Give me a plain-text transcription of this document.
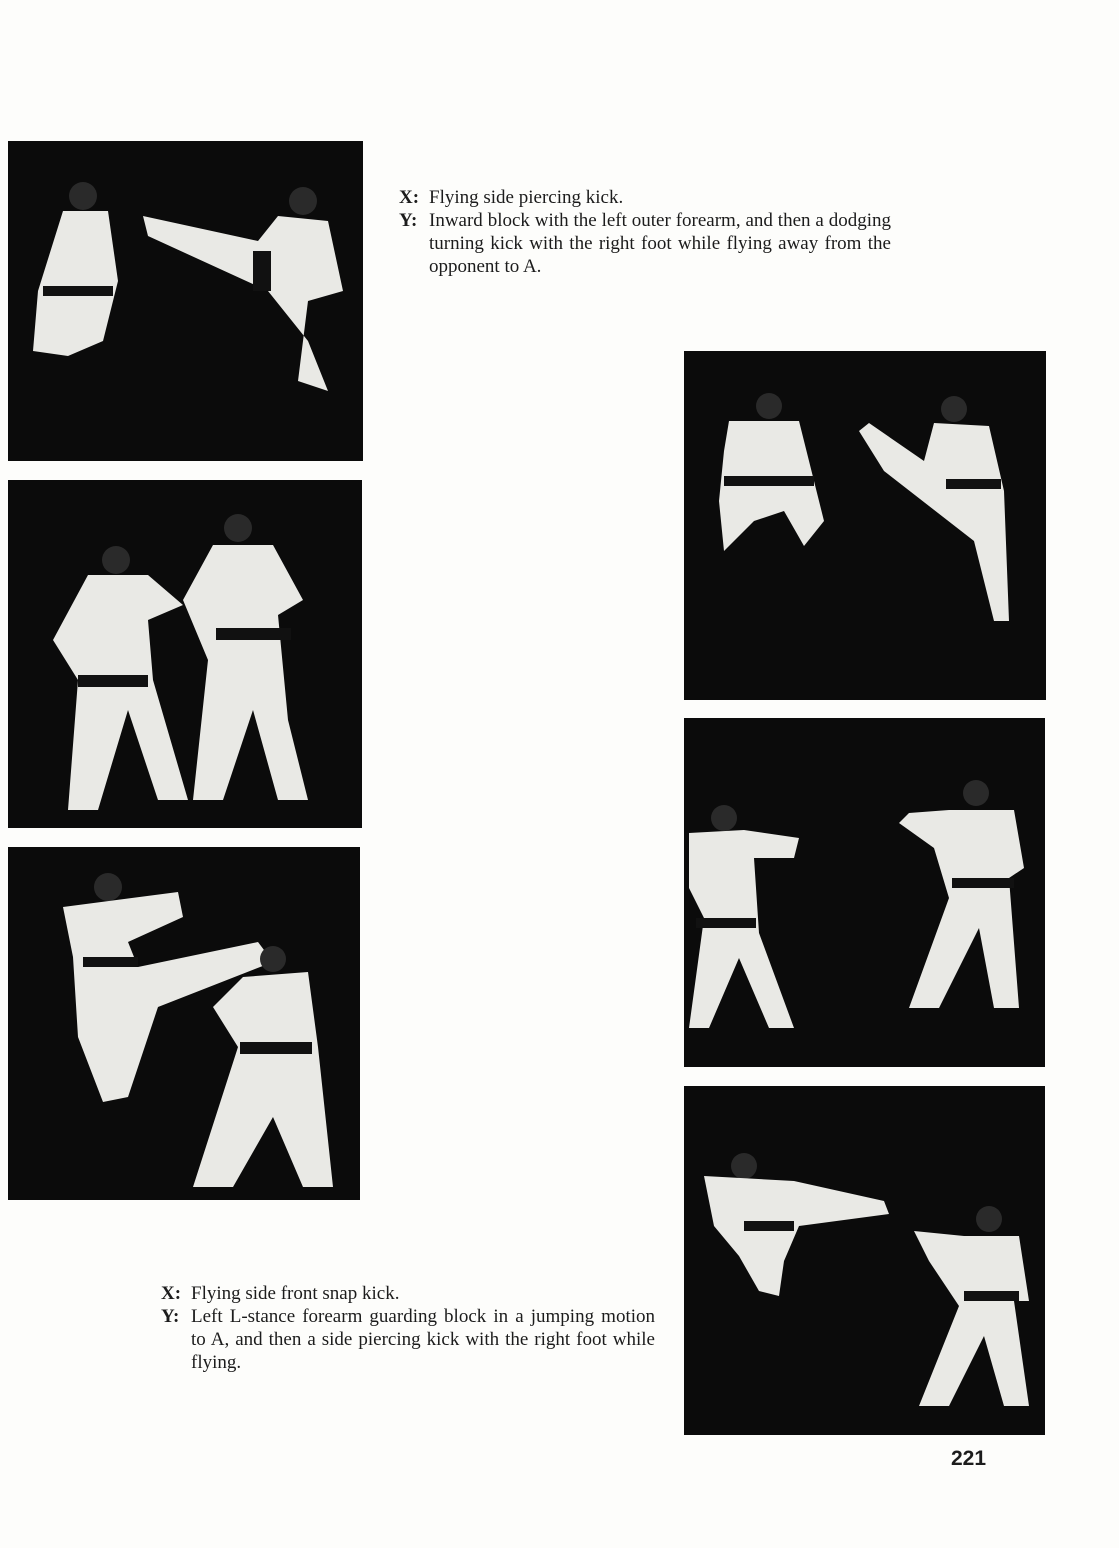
X: Flying side piercing kick.
Y: Inward block with the left outer forearm, and then a dodging turning kick with the right foot while flying away from the opponent to A.
X: Flying side front snap kick.
Y: Left L-stance forearm guarding block in a jumping motion to A, and then a side piercing kick with the right foot while flying.
221
